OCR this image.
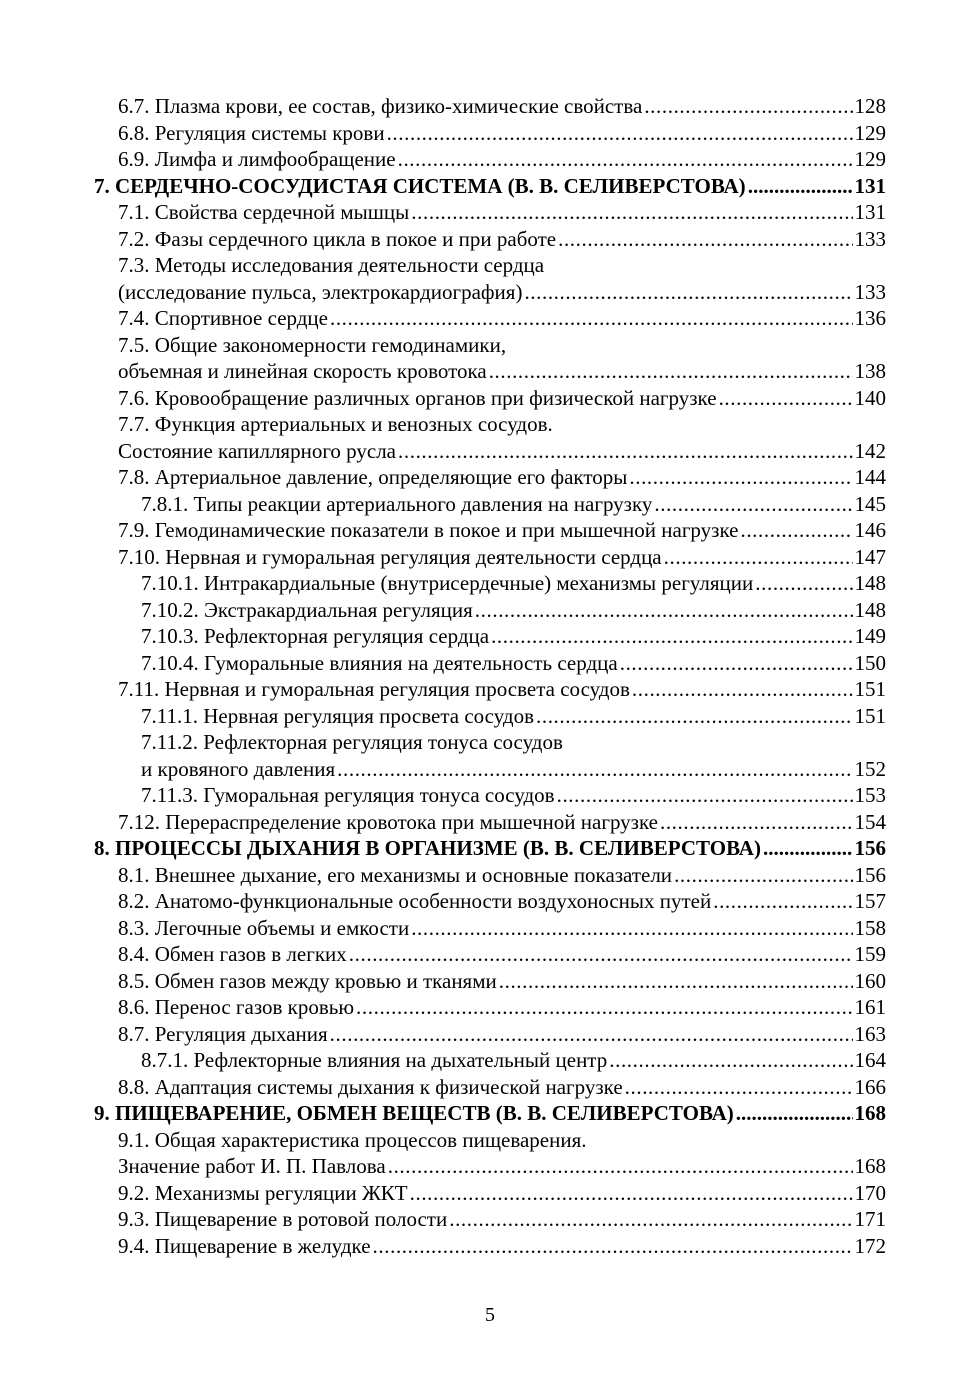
6.7. Плазма крови, ее состав, физико-химические свойства .....	128
6.8. Регуляция системы крови .....	129
6.9. Лимфа и лимфообращение .....	129
7. СЕРДЕЧНО-СОСУДИСТАЯ СИСТЕМА (В. В. СЕЛИВЕРСТОВА) .....	131
7.1. Свойства сердечной мышцы .....	131
7.2. Фазы сердечного цикла в покое и при работе .....	133
7.3. Методы исследования деятельности сердца
(исследование пульса, электрокардиография) .....	133
7.4. Спортивное сердце .....	136
7.5. Общие закономерности гемодинамики,
объемная и линейная скорость кровотока .....	138
7.6. Кровообращение различных органов при физической нагрузке .....	140
7.7. Функция артериальных и венозных сосудов.
Состояние капиллярного русла .....	142
7.8. Артериальное давление, определяющие его факторы .....	144
7.8.1. Типы реакции артериального давления на нагрузку .....	145
7.9. Гемодинамические показатели в покое и при мышечной нагрузке .....	146
7.10. Нервная и гуморальная регуляция деятельности сердца .....	147
7.10.1. Интракардиальные (внутрисердечные) механизмы регуляции .....	148
7.10.2. Экстракардиальная регуляция .....	148
7.10.3. Рефлекторная регуляция сердца .....	149
7.10.4. Гуморальные влияния на деятельность сердца .....	150
7.11. Нервная и гуморальная регуляция просвета сосудов .....	151
7.11.1. Нервная регуляция просвета сосудов .....	151
7.11.2. Рефлекторная регуляция тонуса сосудов
и кровяного давления .....	152
7.11.3. Гуморальная регуляция тонуса сосудов .....	153
7.12. Перераспределение кровотока при мышечной нагрузке .....	154
8. ПРОЦЕССЫ ДЫХАНИЯ В ОРГАНИЗМЕ (В. В. СЕЛИВЕРСТОВА) .....	156
8.1. Внешнее дыхание, его механизмы и основные показатели .....	156
8.2. Анатомо-функциональные особенности воздухоносных путей .....	157
8.3. Легочные объемы и емкости .....	158
8.4. Обмен газов в легких .....	159
8.5. Обмен газов между кровью и тканями .....	160
8.6. Перенос газов кровью .....	161
8.7. Регуляция дыхания .....	163
8.7.1. Рефлекторные влияния на дыхательный центр .....	164
8.8. Адаптация системы дыхания к физической нагрузке .....	166
9. ПИЩЕВАРЕНИЕ, ОБМЕН ВЕЩЕСТВ (В. В. СЕЛИВЕРСТОВА) .....	168
9.1. Общая характеристика процессов пищеварения.
Значение работ И. П. Павлова .....	168
9.2. Механизмы регуляции ЖКТ .....	170
9.3. Пищеварение в ротовой полости .....	171
9.4. Пищеварение в желудке .....	172
5
